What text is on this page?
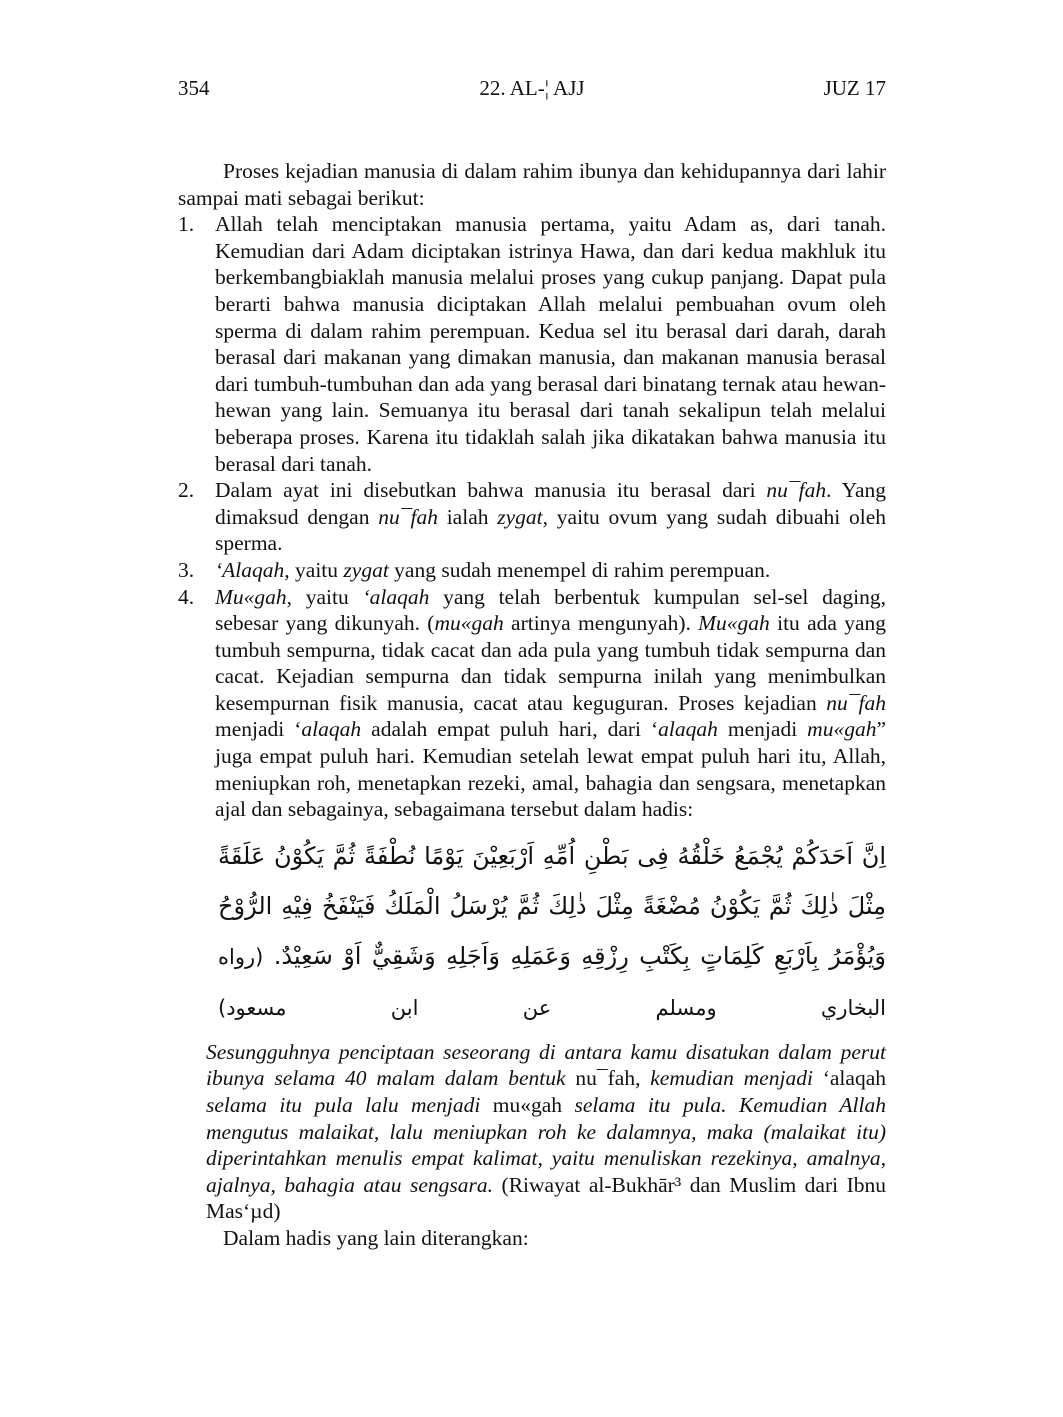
22. AL-¦ AJJ
354	JUZ 17

Proses kejadian manusia di dalam rahim ibunya dan kehidupannya dari lahir sampai mati sebagai berikut:

1. Allah telah menciptakan manusia pertama, yaitu Adam as, dari tanah. Kemudian dari Adam diciptakan istrinya Hawa, dan dari kedua makhluk itu berkembangbiaklah manusia melalui proses yang cukup panjang. Dapat pula berarti bahwa manusia diciptakan Allah melalui pembuahan ovum oleh sperma di dalam rahim perempuan. Kedua sel itu berasal dari darah, darah berasal dari makanan yang dimakan manusia, dan makanan manusia berasal dari tumbuh-tumbuhan dan ada yang berasal dari binatang ternak atau hewan-hewan yang lain. Semuanya itu berasal dari tanah sekalipun telah melalui beberapa proses. Karena itu tidaklah salah jika dikatakan bahwa manusia itu berasal dari tanah.
2. Dalam ayat ini disebutkan bahwa manusia itu berasal dari nu¯fah. Yang dimaksud dengan nu¯fah ialah zygat, yaitu ovum yang sudah dibuahi oleh sperma.
3. ‘Alaqah, yaitu zygat yang sudah menempel di rahim perempuan.
4. Mu«gah, yaitu ‘alaqah yang telah berbentuk kumpulan sel-sel daging, sebesar yang dikunyah. (mu«gah artinya mengunyah). Mu«gah itu ada yang tumbuh sempurna, tidak cacat dan ada pula yang tumbuh tidak sempurna dan cacat. Kejadian sempurna dan tidak sempurna inilah yang menimbulkan kesempurnan fisik manusia, cacat atau keguguran. Proses kejadian nu¯fah menjadi ‘alaqah adalah empat puluh hari, dari ‘alaqah menjadi mu«gah” juga empat puluh hari. Kemudian setelah lewat empat puluh hari itu, Allah, meniupkan roh, menetapkan rezeki, amal, bahagia dan sengsara, menetapkan ajal dan sebagainya, sebagaimana tersebut dalam hadis:
اِنَّ اَحَدَكُمْ يُجْمَعُ خَلْقُهُ فِى بَطْنِ اُمِّهِ اَرْبَعِيْنَ يَوْمًا نُطْفَةً ثُمَّ يَكُوْنُ عَلَقَةً مِثْلَ ذٰلِكَ ثُمَّ يَكُوْنُ مُضْغَةً مِثْلَ ذٰلِكَ ثُمَّ يُرْسَلُ الْمَلَكُ فَيَنْفَخُ فِيْهِ الرُّوْحُ وَيُؤْمَرُ بِاَرْبَعِ كَلِمَاتٍ بِكَتْبِ رِزْقِهِ وَعَمَلِهِ وَاَجَلِهِ وَشَقِيٌّ اَوْ سَعِيْدٌ. (رواه البخاري ومسلم عن ابن مسعود)

Sesungguhnya penciptaan seseorang di antara kamu disatukan dalam perut ibunya selama 40 malam dalam bentuk nu¯fah, kemudian menjadi ‘alaqah selama itu pula lalu menjadi mu«gah selama itu pula. Kemudian Allah mengutus malaikat, lalu meniupkan roh ke dalamnya, maka (malaikat itu) diperintahkan menulis empat kalimat, yaitu menuliskan rezekinya, amalnya, ajalnya, bahagia atau sengsara. (Riwayat al-Bukhār³ dan Muslim dari Ibnu Mas‘µd)

Dalam hadis yang lain diterangkan:
